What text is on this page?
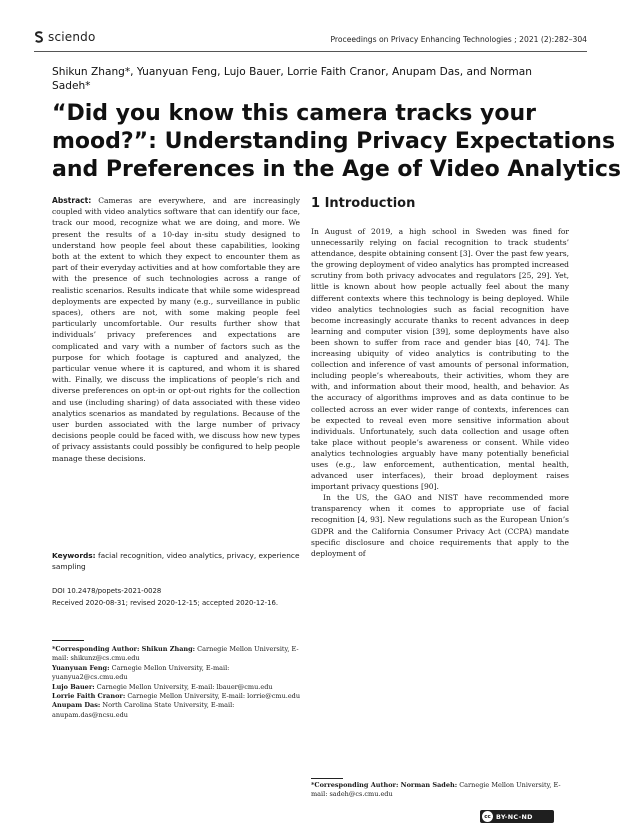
sciendo	Proceedings on Privacy Enhancing Technologies ; 2021 (2):282–304
Shikun Zhang*, Yuanyuan Feng, Lujo Bauer, Lorrie Faith Cranor, Anupam Das, and Norman Sadeh*
“Did you know this camera tracks your
mood?”: Understanding Privacy Expectations
and Preferences in the Age of Video Analytics

Abstract: Cameras are everywhere, and are increasingly coupled with video analytics software that can identify our face, track our mood, recognize what we are doing, and more. We present the results of a 10-day in-situ study designed to understand how people feel about these capabilities, looking both at the extent to which they expect to encounter them as part of their everyday activities and at how comfortable they are with the presence of such technologies across a range of realistic scenarios. Results indicate that while some widespread deployments are expected by many (e.g., surveillance in public spaces), others are not, with some making people feel particularly uncomfortable. Our results further show that individuals’ privacy preferences and expectations are complicated and vary with a number of factors such as the purpose for which footage is captured and analyzed, the particular venue where it is captured, and whom it is shared with. Finally, we discuss the implications of people’s rich and diverse preferences on opt-in or opt-out rights for the collection and use (including sharing) of data associated with these video analytics scenarios as mandated by regulations. Because of the user burden associated with the large number of privacy decisions people could be faced with, we discuss how new types of privacy assistants could possibly be configured to help people manage these decisions.

Keywords: facial recognition, video analytics, privacy, experience sampling

DOI 10.2478/popets-2021-0028
Received 2020-08-31; revised 2020-12-15; accepted 2020-12-16.

*Corresponding Author: Shikun Zhang: Carnegie Mellon University, E-mail: shikunz@cs.cmu.edu

Yuanyuan Feng: Carnegie Mellon University, E-mail: yuanyua2@cs.cmu.edu

Lujo Bauer: Carnegie Mellon University, E-mail: lbauer@cmu.edu

Lorrie Faith Cranor: Carnegie Mellon University, E-mail: lorrie@cmu.edu

Anupam Das: North Carolina State University, E-mail: anupam.das@ncsu.edu

1 Introduction

In August of 2019, a high school in Sweden was fined for unnecessarily relying on facial recognition to track students’ attendance, despite obtaining consent [3]. Over the past few years, the growing deployment of video analytics has prompted increased scrutiny from both privacy advocates and regulators [25, 29]. Yet, little is known about how people actually feel about the many different contexts where this technology is being deployed. While video analytics technologies such as facial recognition have become increasingly accurate thanks to recent advances in deep learning and computer vision [39], some deployments have also been shown to suffer from race and gender bias [40, 74]. The increasing ubiquity of video analytics is contributing to the collection and inference of vast amounts of personal information, including people’s whereabouts, their activities, whom they are with, and information about their mood, health, and behavior. As the accuracy of algorithms improves and as data continue to be collected across an ever wider range of contexts, inferences can be expected to reveal even more sensitive information about individuals. Unfortunately, such data collection and usage often take place without people’s awareness or consent. While video analytics technologies arguably have many potentially beneficial uses (e.g., law enforcement, authentication, mental health, advanced user interfaces), their broad deployment raises important privacy questions [90].

In the US, the GAO and NIST have recommended more transparency when it comes to appropriate use of facial recognition [4, 93]. New regulations such as the European Union’s GDPR and the California Consumer Privacy Act (CCPA) mandate specific disclosure and choice requirements that apply to the deployment of

*Corresponding Author: Norman Sadeh: Carnegie Mellon University, E-mail: sadeh@cs.cmu.edu

cc BY-NC-ND
